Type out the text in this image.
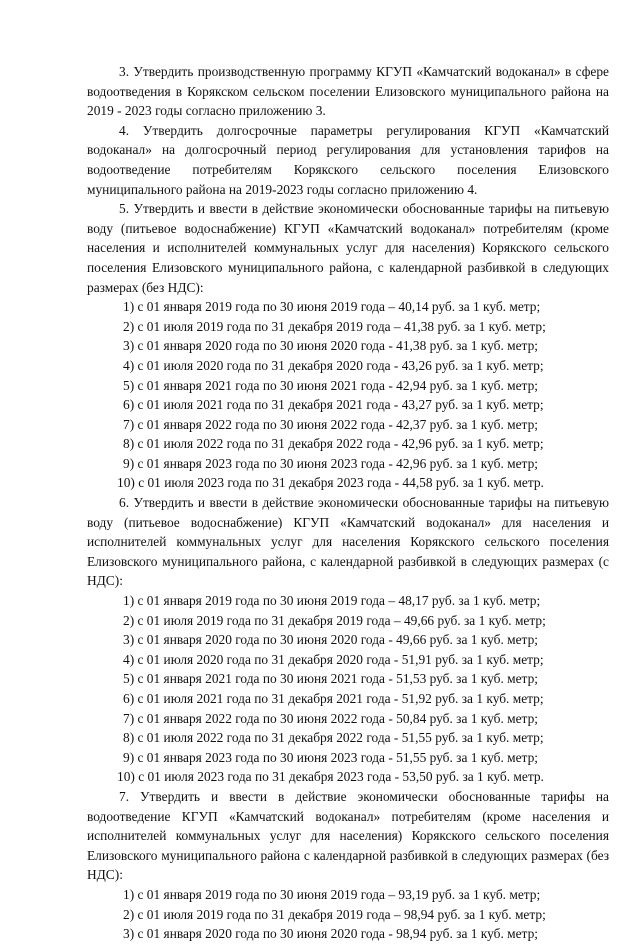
3. Утвердить производственную программу КГУП «Камчатский водоканал» в сфере водоотведения в Корякском сельском поселении Елизовского муниципального района на 2019 - 2023 годы согласно приложению 3.

4. Утвердить долгосрочные параметры регулирования КГУП «Камчатский водоканал» на долгосрочный период регулирования для установления тарифов на водоотведение потребителям Корякского сельского поселения Елизовского муниципального района на 2019-2023 годы согласно приложению 4.

5. Утвердить и ввести в действие экономически обоснованные тарифы на питьевую воду (питьевое водоснабжение) КГУП «Камчатский водоканал» потребителям (кроме населения и исполнителей коммунальных услуг для населения) Корякского сельского поселения Елизовского муниципального района, с календарной разбивкой в следующих размерах (без НДС):

1) с 01 января 2019 года по 30 июня 2019 года – 40,14 руб. за 1 куб. метр;
2) с 01 июля 2019 года по 31 декабря 2019 года – 41,38 руб. за 1 куб. метр;
3) с 01 января 2020 года по 30 июня 2020 года - 41,38 руб. за 1 куб. метр;
4) с 01 июля 2020 года по 31 декабря 2020 года - 43,26 руб. за 1 куб. метр;
5) с 01 января 2021 года по 30 июня 2021 года - 42,94 руб. за 1 куб. метр;
6) с 01 июля 2021 года по 31 декабря 2021 года - 43,27 руб. за 1 куб. метр;
7) с 01 января 2022 года по 30 июня 2022 года - 42,37 руб. за 1 куб. метр;
8) с 01 июля 2022 года по 31 декабря 2022 года - 42,96 руб. за 1 куб. метр;
9) с 01 января 2023 года по 30 июня 2023 года - 42,96 руб. за 1 куб. метр;
10) с 01 июля 2023 года по 31 декабря 2023 года - 44,58 руб. за 1 куб. метр.

6. Утвердить и ввести в действие экономически обоснованные тарифы на питьевую воду (питьевое водоснабжение) КГУП «Камчатский водоканал» для населения и исполнителей коммунальных услуг для населения Корякского сельского поселения Елизовского муниципального района, с календарной разбивкой в следующих размерах (с НДС):

1) с 01 января 2019 года по 30 июня 2019 года – 48,17 руб. за 1 куб. метр;
2) с 01 июля 2019 года по 31 декабря 2019 года – 49,66 руб. за 1 куб. метр;
3) с 01 января 2020 года по 30 июня 2020 года - 49,66 руб. за 1 куб. метр;
4) с 01 июля 2020 года по 31 декабря 2020 года - 51,91 руб. за 1 куб. метр;
5) с 01 января 2021 года по 30 июня 2021 года - 51,53 руб. за 1 куб. метр;
6) с 01 июля 2021 года по 31 декабря 2021 года - 51,92 руб. за 1 куб. метр;
7) с 01 января 2022 года по 30 июня 2022 года - 50,84 руб. за 1 куб. метр;
8) с 01 июля 2022 года по 31 декабря 2022 года - 51,55 руб. за 1 куб. метр;
9) с 01 января 2023 года по 30 июня 2023 года - 51,55 руб. за 1 куб. метр;
10) с 01 июля 2023 года по 31 декабря 2023 года - 53,50 руб. за 1 куб. метр.

7. Утвердить и ввести в действие экономически обоснованные тарифы на водоотведение КГУП «Камчатский водоканал» потребителям (кроме населения и исполнителей коммунальных услуг для населения) Корякского сельского поселения Елизовского муниципального района с календарной разбивкой в следующих размерах (без НДС):

1) с 01 января 2019 года по 30 июня 2019 года – 93,19 руб. за 1 куб. метр;
2) с 01 июля 2019 года по 31 декабря 2019 года – 98,94 руб. за 1 куб. метр;
3) с 01 января 2020 года по 30 июня 2020 года - 98,94 руб. за 1 куб. метр;
